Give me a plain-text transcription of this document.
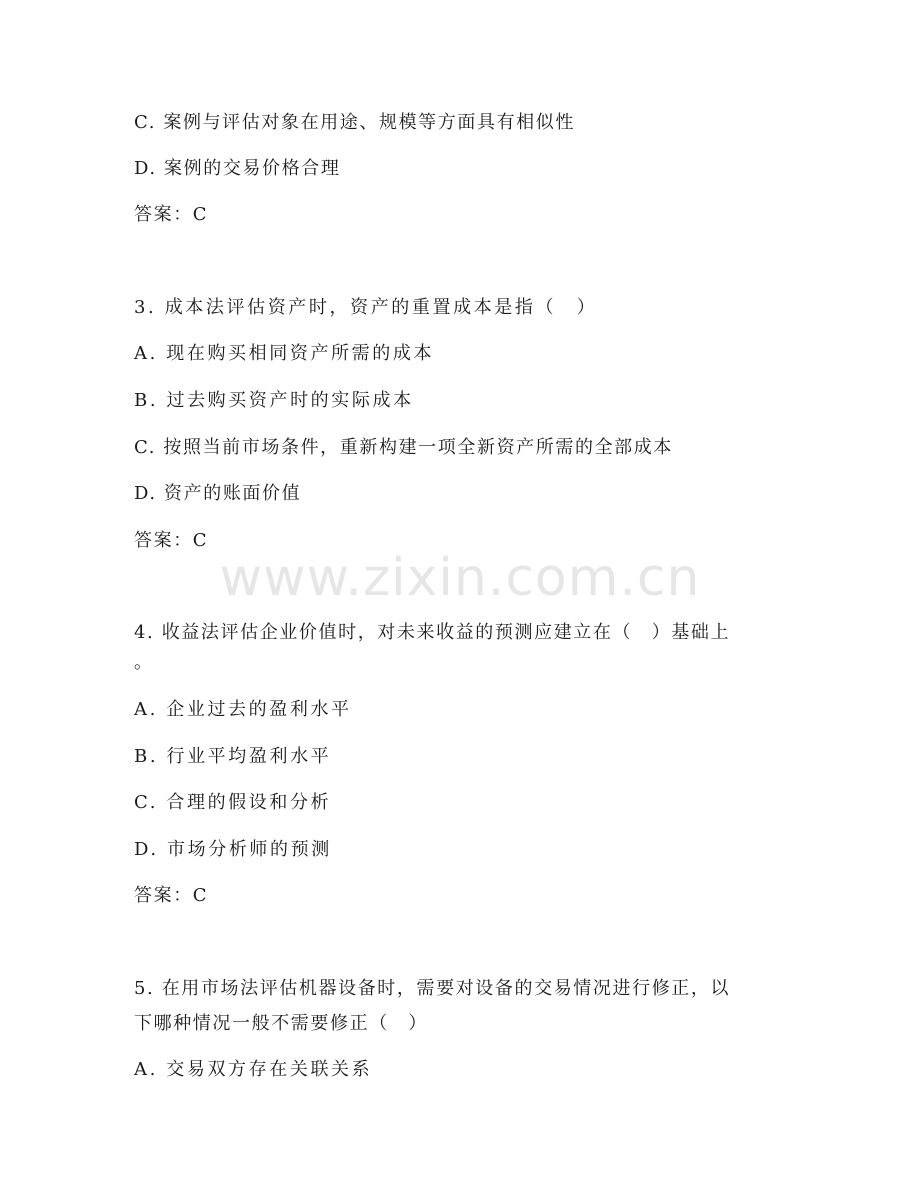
C. 案例与评估对象在用途、规模等方面具有相似性
D. 案例的交易价格合理
答案：C
3. 成本法评估资产时，资产的重置成本是指（　）
A. 现在购买相同资产所需的成本
B. 过去购买资产时的实际成本
C. 按照当前市场条件，重新构建一项全新资产所需的全部成本
D. 资产的账面价值
答案：C
4. 收益法评估企业价值时，对未来收益的预测应建立在（　）基础上
。
A. 企业过去的盈利水平
B. 行业平均盈利水平
C. 合理的假设和分析
D. 市场分析师的预测
答案：C
5. 在用市场法评估机器设备时，需要对设备的交易情况进行修正，以
下哪种情况一般不需要修正（　）
A. 交易双方存在关联关系
www.zixin.com.cn
